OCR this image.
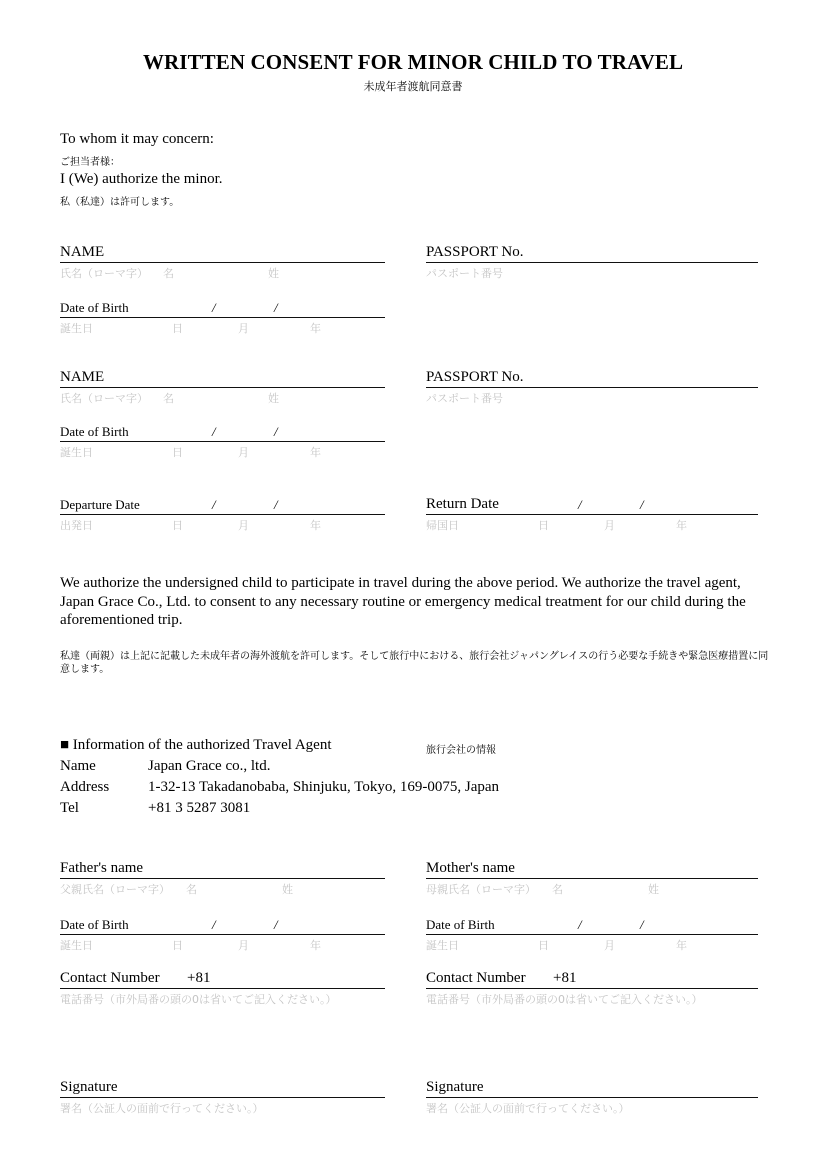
WRITTEN CONSENT FOR MINOR CHILD TO TRAVEL
未成年者渡航同意書
To whom it may concern:
ご担当者様：
I (We) authorize the minor.
私（私達）は許可します。
NAME
氏名（ローマ字） 名	姓
PASSPORT No.
パスポート番号
Date of Birth	/	/
誕生日	日	月	年
NAME
氏名（ローマ字） 名	姓
PASSPORT No.
パスポート番号
Date of Birth	/	/
誕生日	日	月	年
Departure Date	/	/
出発日	日	月	年
Return Date	/	/
帰国日	日	月	年
We authorize the undersigned child to participate in travel during the above period. We authorize the travel agent, Japan Grace Co., Ltd. to consent to any necessary routine or emergency medical treatment for our child during the aforementioned trip.
私達（両親）は上記に記載した未成年者の海外渡航を許可します。そして旅行中における、旅行会社ジャパングレイスの行う必要な手続きや緊急医療措置に同意します。
■ Information of the authorized Travel Agent	旅行会社の情報
Name	Japan Grace co., ltd.
Address	1-32-13 Takadanobaba, Shinjuku, Tokyo, 169-0075, Japan
Tel	+81 3 5287 3081
Father's name
父親氏名（ローマ字） 名	姓
Date of Birth	/	/
誕生日	日	月	年
Contact Number +81
電話番号（市外局番の頭の0は省いてご記入ください。）
Mother's name
母親氏名（ローマ字） 名	姓
Date of Birth	/	/
誕生日	日	月	年
Contact Number +81
電話番号（市外局番の頭の0は省いてご記入ください。）
Signature
署名（公証人の面前で行ってください。）
Signature
署名（公証人の面前で行ってください。）
